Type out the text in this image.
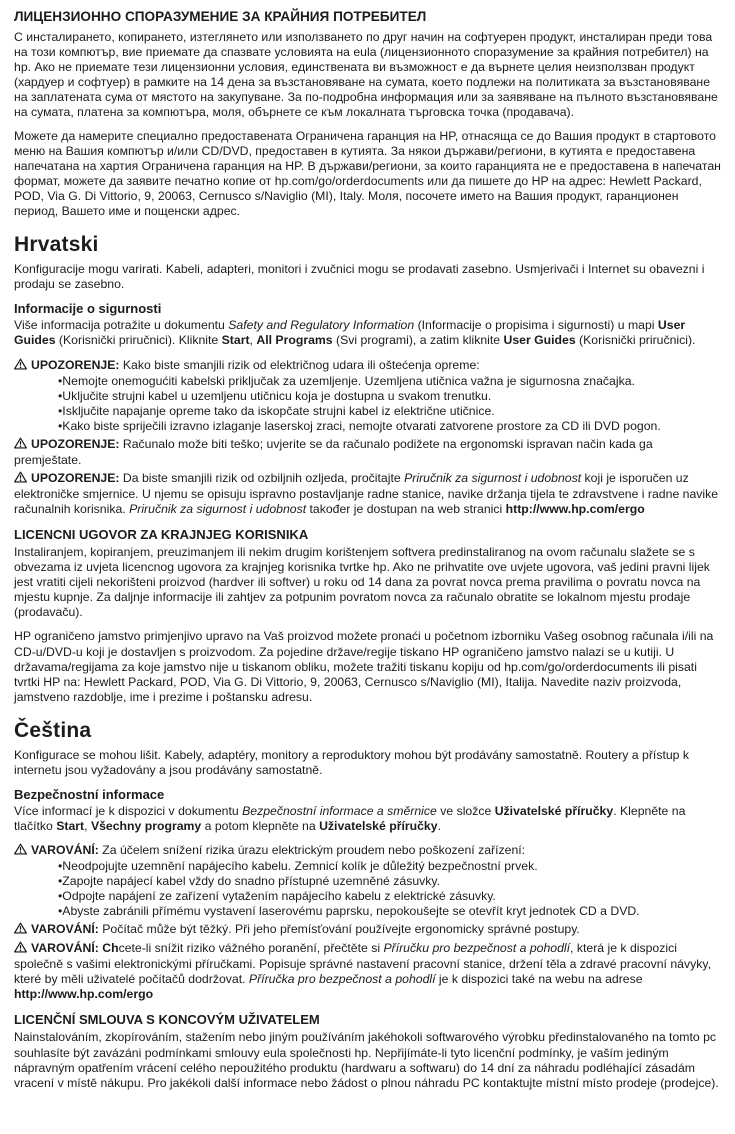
ЛИЦЕНЗИОННО СПОРАЗУМЕНИЕ ЗА КРАЙНИЯ ПОТРЕБИТЕЛ

С инсталирането, копирането, изтеглянето или използването по друг начин на софтуерен продукт, инсталиран преди това на този компютър, вие приемате да спазвате условията на eula (лицензионното споразумение за крайния потребител) на hp. Ако не приемате тези лицензионни условия, единствената ви възможност е да върнете целия неизползван продукт (хардуер и софтуер) в рамките на 14 дена за възстановяване на сумата, което подлежи на политиката за възстановяване на заплатената сума от мястото на закупуване. За по-подробна информация или за заявяване на пълното възстановяване на сумата, платена за компютъра, моля, обърнете се към локалната търговска точка (продавача).

Можете да намерите специално предоставената Ограничена гаранция на HP, отнасяща се до Вашия продукт в стартовото меню на Вашия компютър и/или CD/DVD, предоставен в кутията. За някои държави/региони, в кутията е предоставена напечатана на хартия Ограничена гаранция на HP. В държави/региони, за които гаранцията не е предоставена в напечатан формат, можете да заявите печатно копие от hp.com/go/orderdocuments или да пишете до HP на адрес: Hewlett Packard, POD, Via G. Di Vittorio, 9, 20063, Cernusco s/Naviglio (MI), Italy. Моля, посочете името на Вашия продукт, гаранционен период, Вашето име и пощенски адрес.

Hrvatski

Konfiguracije mogu varirati. Kabeli, adapteri, monitori i zvučnici mogu se prodavati zasebno. Usmjerivači i Internet su obavezni i prodaju se zasebno.

Informacije o sigurnosti

Više informacija potražite u dokumentu Safety and Regulatory Information (Informacije o propisima i sigurnosti) u mapi User Guides (Korisnički priručnici). Kliknite Start, All Programs (Svi programi), a zatim kliknite User Guides (Korisnički priručnici).

UPOZORENJE: Kako biste smanjili rizik od električnog udara ili oštećenja opreme:

• Nemojte onemogućiti kabelski priključak za uzemljenje. Uzemljena utičnica važna je sigurnosna značajka.
• Uključite strujni kabel u uzemljenu utičnicu koja je dostupna u svakom trenutku.
• Isključite napajanje opreme tako da iskopčate strujni kabel iz električne utičnice.
• Kako biste spriječili izravno izlaganje laserskoj zraci, nemojte otvarati zatvorene prostore za CD ili DVD pogon.

UPOZORENJE: Računalo može biti teško; uvjerite se da računalo podižete na ergonomski ispravan način kada ga premještate.

UPOZORENJE: Da biste smanjili rizik od ozbiljnih ozljeda, pročitajte Priručnik za sigurnost i udobnost koji je isporučen uz elektroničke smjernice. U njemu se opisuju ispravno postavljanje radne stanice, navike držanja tijela te zdravstvene i radne navike računalnih korisnika. Priručnik za sigurnost i udobnost također je dostupan na web stranici http://www.hp.com/ergo

LICENCNI UGOVOR ZA KRAJNJEG KORISNIKA

Instaliranjem, kopiranjem, preuzimanjem ili nekim drugim korištenjem softvera predinstaliranog na ovom računalu slažete se s obvezama iz uvjeta licencnog ugovora za krajnjeg korisnika tvrtke hp. Ako ne prihvatite ove uvjete ugovora, vaš jedini pravni lijek jest vratiti cijeli nekorišteni proizvod (hardver ili softver) u roku od 14 dana za povrat novca prema pravilima o povratu novca na mjestu kupnje. Za daljnje informacije ili zahtjev za potpunim povratom novca za računalo obratite se lokalnom mjestu prodaje (prodavaču).

HP ograničeno jamstvo primjenjivo upravo na Vaš proizvod možete pronaći u početnom izborniku Vašeg osobnog računala i/ili na CD-u/DVD-u koji je dostavljen s proizvodom. Za pojedine države/regije tiskano HP ograničeno jamstvo nalazi se u kutiji. U državama/regijama za koje jamstvo nije u tiskanom obliku, možete tražiti tiskanu kopiju od hp.com/go/orderdocuments ili pisati tvrtki HP na: Hewlett Packard, POD, Via G. Di Vittorio, 9, 20063, Cernusco s/Naviglio (MI), Italija. Navedite naziv proizvoda, jamstveno razdoblje, ime i prezime i poštansku adresu.

Čeština

Konfigurace se mohou lišit. Kabely, adaptéry, monitory a reproduktory mohou být prodávány samostatně. Routery a přístup k internetu jsou vyžadovány a jsou prodávány samostatně.

Bezpečnostní informace

Více informací je k dispozici v dokumentu Bezpečnostní informace a směrnice ve složce Uživatelské příručky. Klepněte na tlačítko Start, Všechny programy a potom klepněte na Uživatelské příručky.

VAROVÁNÍ: Za účelem snížení rizika úrazu elektrickým proudem nebo poškození zařízení:

• Neodpojujte uzemnění napájecího kabelu. Zemnicí kolík je důležitý bezpečnostní prvek.
• Zapojte napájecí kabel vždy do snadno přístupné uzemněné zásuvky.
• Odpojte napájení ze zařízení vytažením napájecího kabelu z elektrické zásuvky.
• Abyste zabránili přímému vystavení laserovému paprsku, nepokoušejte se otevřít kryt jednotek CD a DVD.

VAROVÁNÍ: Počítač může být těžký. Při jeho přemísťování používejte ergonomicky správné postupy.

VAROVÁNÍ: Chcete-li snížit riziko vážného poranění, přečtěte si Příručku pro bezpečnost a pohodlí, která je k dispozici společně s vašimi elektronickými příručkami. Popisuje správné nastavení pracovní stanice, držení těla a zdravé pracovní návyky, které by měli uživatelé počítačů dodržovat. Příručka pro bezpečnost a pohodlí je k dispozici také na webu na adrese http://www.hp.com/ergo

LICENČNÍ SMLOUVA S KONCOVÝM UŽIVATELEM

Nainstalováním, zkopírováním, stažením nebo jiným používáním jakéhokoli softwarového výrobku předinstalovaného na tomto pc souhlasíte být zavázáni podmínkami smlouvy eula společnosti hp. Nepřijímáte-li tyto licenční podmínky, je vaším jediným nápravným opatřením vrácení celého nepoužitého produktu (hardwaru a softwaru) do 14 dní za náhradu podléhající zásadám vracení v místě nákupu. Pro jakékoli další informace nebo žádost o plnou náhradu PC kontaktujte místní místo prodeje (prodejce).
